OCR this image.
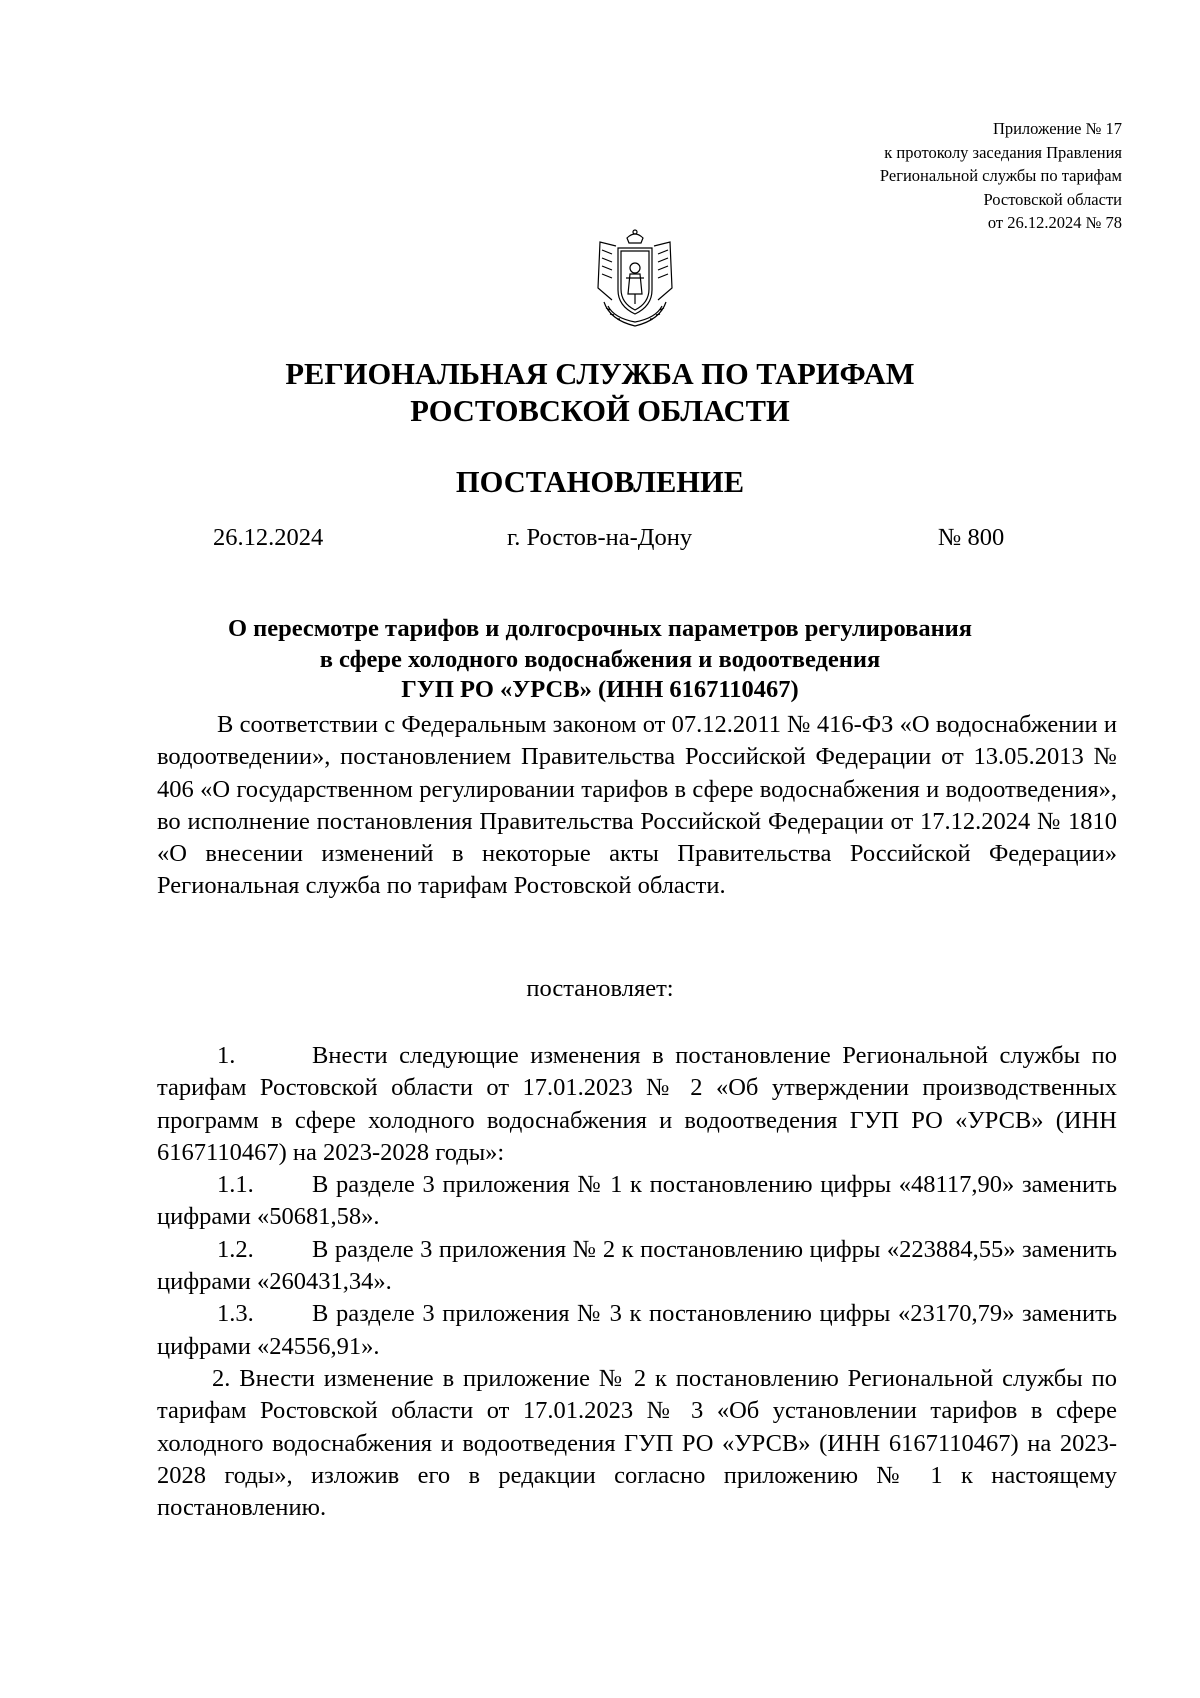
Приложение № 17
к протоколу заседания Правления
Региональной службы по тарифам
Ростовской области
от 26.12.2024 № 78
РЕГИОНАЛЬНАЯ СЛУЖБА ПО ТАРИФАМ
РОСТОВСКОЙ ОБЛАСТИ
ПОСТАНОВЛЕНИЕ
26.12.2024	г. Ростов-на-Дону	№ 800
О пересмотре тарифов и долгосрочных параметров регулирования
в сфере холодного водоснабжения и водоотведения
ГУП РО «УРСВ» (ИНН 6167110467)

В соответствии с Федеральным законом от 07.12.2011 № 416-ФЗ «О водоснабжении и водоотведении», постановлением Правительства Российской Федерации от 13.05.2013 № 406 «О государственном регулировании тарифов в сфере водоснабжения и водоотведения», во исполнение постановления Правительства Российской Федерации от 17.12.2024 № 1810 «О внесении изменений в некоторые акты Правительства Российской Федерации» Региональная служба по тарифам Ростовской области.

постановляет:

1.	Внести следующие изменения в постановление Региональной службы по тарифам Ростовской области от 17.01.2023 № 2 «Об утверждении производственных программ в сфере холодного водоснабжения и водоотведения ГУП РО «УРСВ» (ИНН 6167110467) на 2023-2028 годы»:

1.1. В разделе 3 приложения № 1 к постановлению цифры «48117,90» заменить цифрами «50681,58».

1.2. В разделе 3 приложения № 2 к постановлению цифры «223884,55» заменить цифрами «260431,34».

1.3. В разделе 3 приложения № 3 к постановлению цифры «23170,79» заменить цифрами «24556,91».

2. Внести изменение в приложение № 2 к постановлению Региональной службы по тарифам Ростовской области от 17.01.2023 № 3 «Об установлении тарифов в сфере холодного водоснабжения и водоотведения ГУП РО «УРСВ» (ИНН 6167110467) на 2023-2028 годы», изложив его в редакции согласно приложению № 1 к настоящему постановлению.
